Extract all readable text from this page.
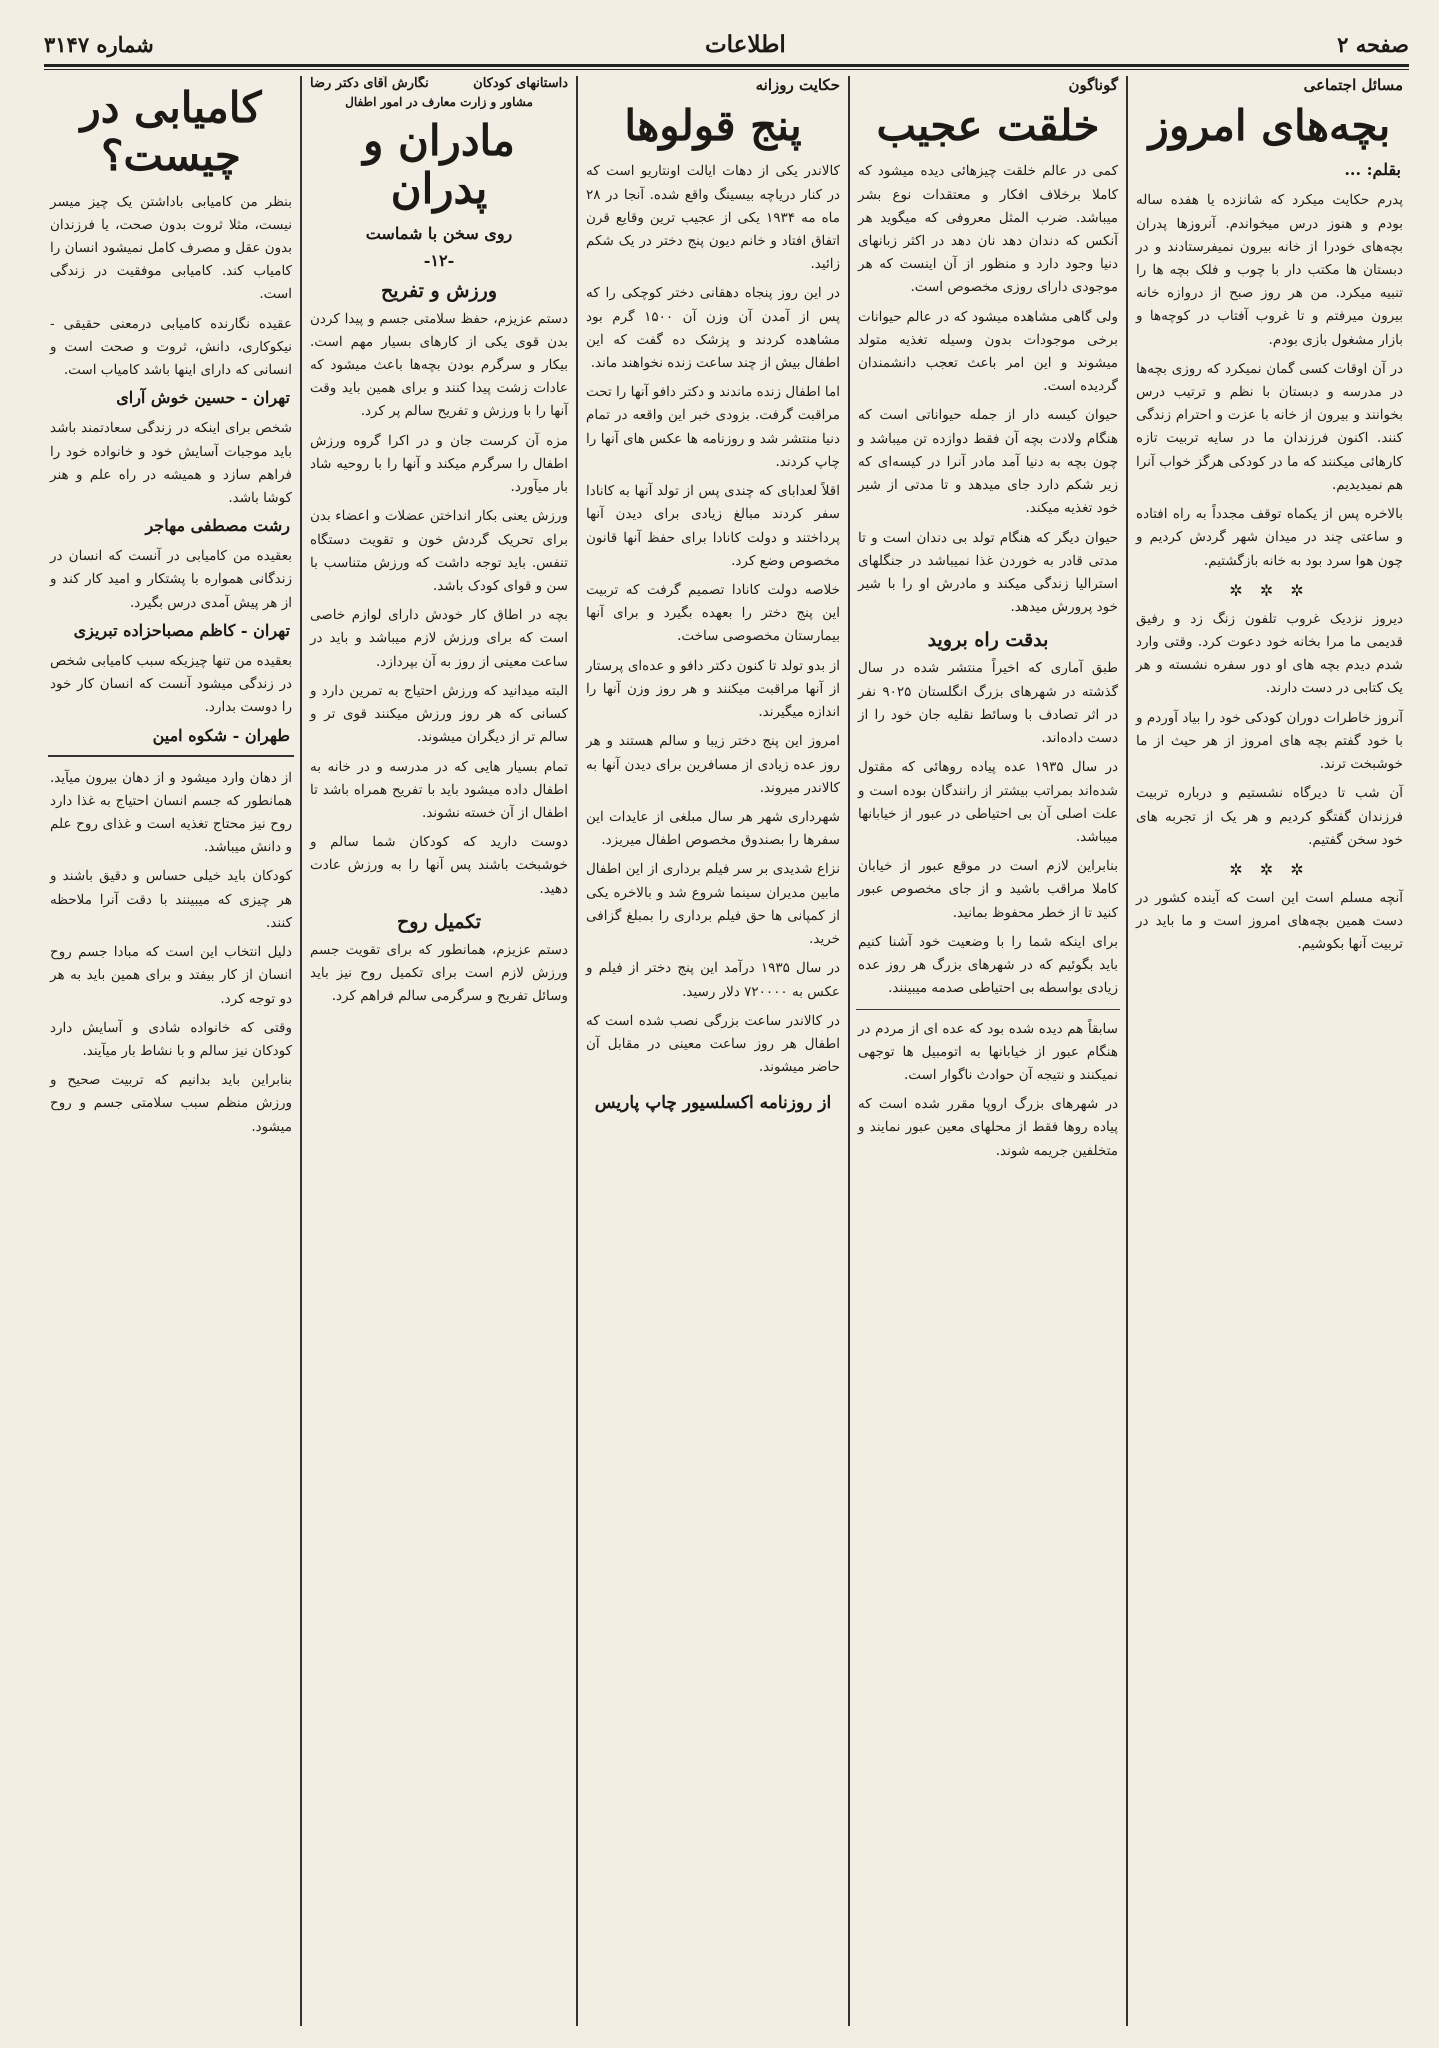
صفحه ۲
اطلاعات
شماره ۳۱۴۷
مسائل اجتماعی
بچه‌های امروز
بقلم: ...

پدرم حکایت میکرد که شانزده یا هفده ساله بودم و هنوز درس میخواندم. آنروزها پدران بچه‌های خودرا از خانه بیرون نمیفرستادند و در دبستان ها مکتب دار با چوب و فلک بچه ها را تنبیه میکرد. من هر روز صبح از دروازه خانه بیرون میرفتم و تا غروب آفتاب در کوچه‌ها و بازار مشغول بازی بودم.

در آن اوقات کسی گمان نمیکرد که روزی بچه‌ها در مدرسه و دبستان با نظم و ترتیب درس بخوانند و بیرون از خانه با عزت و احترام زندگی کنند. اکنون فرزندان ما در سایه تربیت تازه کارهائی میکنند که ما در کودکی هرگز خواب آنرا هم نمیدیدیم.

بالاخره پس از یکماه توقف مجدداً به راه افتاده و ساعتی چند در میدان شهر گردش کردیم و چون هوا سرد بود به خانه بازگشتیم.

✲ ✲ ✲

دیروز نزدیک غروب تلفون زنگ زد و رفیق قدیمی ما مرا بخانه خود دعوت کرد. وقتی وارد شدم دیدم بچه های او دور سفره نشسته و هر یک کتابی در دست دارند.

آنروز خاطرات دوران کودکی خود را بیاد آوردم و با خود گفتم بچه های امروز از هر حیث از ما خوشبخت ترند.

آن شب تا دیرگاه نشستیم و درباره تربیت فرزندان گفتگو کردیم و هر یک از تجربه های خود سخن گفتیم.

✲ ✲ ✲

آنچه مسلم است این است که آینده کشور در دست همین بچه‌های امروز است و ما باید در تربیت آنها بکوشیم.

گوناگون
خلقت عجیب

کمی در عالم خلقت چیزهائی دیده میشود که کاملا برخلاف افکار و معتقدات نوع بشر میباشد. ضرب المثل معروفی که میگوید هر آنکس که دندان دهد نان دهد در اکثر زبانهای دنیا وجود دارد و منظور از آن اینست که هر موجودی دارای روزی مخصوص است.

ولی گاهی مشاهده میشود که در عالم حیوانات برخی موجودات بدون وسیله تغذیه متولد میشوند و این امر باعث تعجب دانشمندان گردیده است.

حیوان کیسه دار از جمله حیواناتی است که هنگام ولادت بچه آن فقط دوازده تن میباشد و چون بچه به دنیا آمد مادر آنرا در کیسه‌ای که زیر شکم دارد جای میدهد و تا مدتی از شیر خود تغذیه میکند.

حیوان دیگر که هنگام تولد بی دندان است و تا مدتی قادر به خوردن غذا نمیباشد در جنگلهای استرالیا زندگی میکند و مادرش او را با شیر خود پرورش میدهد.

بدقت راه بروید

طبق آماری که اخیراً منتشر شده در سال گذشته در شهرهای بزرگ انگلستان ۹۰۲۵ نفر در اثر تصادف با وسائط نقلیه جان خود را از دست داده‌اند.

در سال ۱۹۳۵ عده پیاده روهائی که مقتول شده‌اند بمراتب بیشتر از رانندگان بوده است و علت اصلی آن بی احتیاطی در عبور از خیابانها میباشد.

بنابراین لازم است در موقع عبور از خیابان کاملا مراقب باشید و از جای مخصوص عبور کنید تا از خطر محفوظ بمانید.

برای اینکه شما را با وضعیت خود آشنا کنیم باید بگوئیم که در شهرهای بزرگ هر روز عده زیادی بواسطه بی احتیاطی صدمه میبینند.

سابقاً هم دیده شده بود که عده ای از مردم در هنگام عبور از خیابانها به اتومبیل ها توجهی نمیکنند و نتیجه آن حوادث ناگوار است.

در شهرهای بزرگ اروپا مقرر شده است که پیاده روها فقط از محلهای معین عبور نمایند و متخلفین جریمه شوند.

حکایت روزانه
پنج قولوها

کالاندر یکی از دهات ایالت اونتاریو است که در کنار دریاچه بیسینگ واقع شده. آنجا در ۲۸ ماه مه ۱۹۳۴ یکی از عجیب ترین وقایع قرن اتفاق افتاد و خانم دیون پنج دختر در یک شکم زائید.

در این روز پنجاه دهقانی دختر کوچکی را که پس از آمدن آن وزن آن ۱۵۰۰ گرم بود مشاهده کردند و پزشک ده گفت که این اطفال بیش از چند ساعت زنده نخواهند ماند.

اما اطفال زنده ماندند و دکتر دافو آنها را تحت مراقبت گرفت. بزودی خبر این واقعه در تمام دنیا منتشر شد و روزنامه ها عکس های آنها را چاپ کردند.

اقلاً لعدابای که چندی پس از تولد آنها به کانادا سفر کردند مبالغ زیادی برای دیدن آنها پرداختند و دولت کانادا برای حفظ آنها قانون مخصوص وضع کرد.

خلاصه دولت کانادا تصمیم گرفت که تربیت این پنج دختر را بعهده بگیرد و برای آنها بیمارستان مخصوصی ساخت.

از بدو تولد تا کنون دکتر دافو و عده‌ای پرستار از آنها مراقبت میکنند و هر روز وزن آنها را اندازه میگیرند.

امروز این پنج دختر زیبا و سالم هستند و هر روز عده زیادی از مسافرین برای دیدن آنها به کالاندر میروند.

شهرداری شهر هر سال مبلغی از عایدات این سفرها را بصندوق مخصوص اطفال میریزد.

نزاع شدیدی بر سر فیلم برداری از این اطفال مابین مدیران سینما شروع شد و بالاخره یکی از کمپانی ها حق فیلم برداری را بمبلغ گزافی خرید.

در سال ۱۹۳۵ درآمد این پنج دختر از فیلم و عکس به ۷۲۰۰۰۰ دلار رسید.

در کالاندر ساعت بزرگی نصب شده است که اطفال هر روز ساعت معینی در مقابل آن حاضر میشوند.

از روزنامه اکسلسیور چاپ پاریس
داستانهای کودکان
نگارش آقای دکتر رضا
مشاور و زارت معارف در امور اطفال
مادران و پدران
روی سخن با شماست
-۱۲-
ورزش و تفریح

دستم عزیزم، حفظ سلامتی جسم و پیدا کردن بدن قوی یکی از کارهای بسیار مهم است. بیکار و سرگرم بودن بچه‌ها باعث میشود که عادات زشت پیدا کنند و برای همین باید وقت آنها را با ورزش و تفریح سالم پر کرد.

مزه آن کرست جان و در اکرا گروه ورزش اطفال را سرگرم میکند و آنها را با روحیه شاد بار میآورد.

ورزش یعنی بکار انداختن عضلات و اعضاء بدن برای تحریک گردش خون و تقویت دستگاه تنفس. باید توجه داشت که ورزش متناسب با سن و قوای کودک باشد.

بچه در اطاق کار خودش دارای لوازم خاصی است که برای ورزش لازم میباشد و باید در ساعت معینی از روز به آن بپردازد.

البته میدانید که ورزش احتیاج به تمرین دارد و کسانی که هر روز ورزش میکنند قوی تر و سالم تر از دیگران میشوند.

تمام بسیار هایی که در مدرسه و در خانه به اطفال داده میشود باید با تفریح همراه باشد تا اطفال از آن خسته نشوند.

دوست دارید که کودکان شما سالم و خوشبخت باشند پس آنها را به ورزش عادت دهید.

تکمیل روح

دستم عزیزم، همانطور که برای تقویت جسم ورزش لازم است برای تکمیل روح نیز باید وسائل تفریح و سرگرمی سالم فراهم کرد.

کامیابی در چیست؟

بنظر من کامیابی باداشتن یک چیز میسر نیست، مثلا ثروت بدون صحت، یا فرزندان بدون عقل و مصرف کامل نمیشود انسان را کامیاب کند. کامیابی موفقیت در زندگی است.

عقیده نگارنده کامیابی درمعنی حقیقی - نیکوکاری، دانش، ثروت و صحت است و انسانی که دارای اینها باشد کامیاب است.

تهران - حسین خوش آرای

شخص برای اینکه در زندگی سعادتمند باشد باید موجبات آسایش خود و خانواده خود را فراهم سازد و همیشه در راه علم و هنر کوشا باشد.

رشت مصطفی مهاجر

بعقیده من کامیابی در آنست که انسان در زندگانی همواره با پشتکار و امید کار کند و از هر پیش آمدی درس بگیرد.

تهران - کاظم مصباحزاده تبریزی

بعقیده من تنها چیزیکه سبب کامیابی شخص در زندگی میشود آنست که انسان کار خود را دوست بدارد.

طهران - شکوه امین

از دهان وارد میشود و از دهان بیرون میآید. همانطور که جسم انسان احتیاج به غذا دارد روح نیز محتاج تغذیه است و غذای روح علم و دانش میباشد.

کودکان باید خیلی حساس و دقیق باشند و هر چیزی که میبینند با دقت آنرا ملاحظه کنند.

دلیل انتخاب این است که مبادا جسم روح انسان از کار بیفتد و برای همین باید به هر دو توجه کرد.

وقتی که خانواده شادی و آسایش دارد کودکان نیز سالم و با نشاط بار میآیند.

بنابراین باید بدانیم که تربیت صحیح و ورزش منظم سبب سلامتی جسم و روح میشود.
